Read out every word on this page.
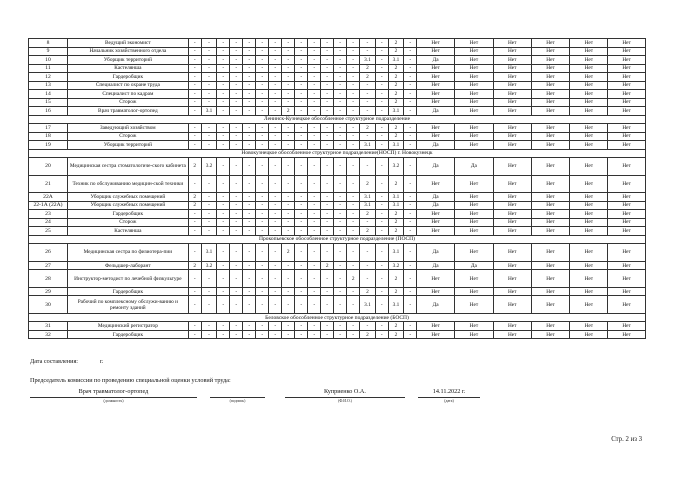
8	Ведущий экономист	-	-	-	-	-	-	-	-	-	-	-	-	-	-	-	2	-	Нет	Нет	Нет	Нет	Нет	Нет
9	Начальник хозяйственного отдела	-	-	-	-	-	-	-	-	-	-	-	-	-	-	-	2	-	Нет	Нет	Нет	Нет	Нет	Нет
10	Уборщик территорий	-	-	-	-	-	-	-	-	-	-	-	-	-	3.1	-	3.1	-	Да	Нет	Нет	Нет	Нет	Нет
11	Кастелянша	-	-	-	-	-	-	-	-	-	-	-	-	-	2	-	2	-	Нет	Нет	Нет	Нет	Нет	Нет
12	Гардеробщик	-	-	-	-	-	-	-	-	-	-	-	-	-	2	-	2	-	Нет	Нет	Нет	Нет	Нет	Нет
13	Специалист по охране труда	-	-	-	-	-	-	-	-	-	-	-	-	-	-	-	2	-	Нет	Нет	Нет	Нет	Нет	Нет
14	Специалист по кадрам	-	-	-	-	-	-	-	-	-	-	-	-	-	-	-	2	-	Нет	Нет	Нет	Нет	Нет	Нет
15	Сторож	-	-	-	-	-	-	-	-	-	-	-	-	-	-	-	2	-	Нет	Нет	Нет	Нет	Нет	Нет
16	Врач травматолог-ортопед	-	3.1	-	-	-	-	-	2	-	-	-	-	-	-	-	3.1	-	Да	Нет	Нет	Нет	Нет	Нет
Ленинск-Кузнецкое обособленное структурное подразделение																								
17	Заведующий хозяйством	-	-	-	-	-	-	-	-	-	-	-	-	-	2	-	2	-	Нет	Нет	Нет	Нет	Нет	Нет
18	Сторож	-	-	-	-	-	-	-	-	-	-	-	-	-	-	-	2	-	Нет	Нет	Нет	Нет	Нет	Нет
19	Уборщик территорий	-	-	-	-	-	-	-	-	-	-	-	-	-	3.1	-	3.1	-	Да	Нет	Нет	Нет	Нет	Нет
Новокузнецкое обособленное структурное подразделение(НОСП) г. Новокузнецк																								
20	Медицинская сестра стоматологиче-ского кабинета	2	3.2	-	-	-	-	-	-	-	-	-	-	-	-	-	3.2	-	Да	Да	Нет	Нет	Нет	Нет
21	Техник по обслуживанию медицин-ской техники	-	-	-	-	-	-	-	-	-	-	-	-	-	2	-	2	-	Нет	Нет	Нет	Нет	Нет	Нет
22А	Уборщик служебных помещений	2	-	-	-	-	-	-	-	-	-	-	-	-	3.1	-	3.1	-	Да	Нет	Нет	Нет	Нет	Нет
22-1А (22А)	Уборщик служебных помещений	2	-	-	-	-	-	-	-	-	-	-	-	-	3.1	-	3.1	-	Да	Нет	Нет	Нет	Нет	Нет
23	Гардеробщик	-	-	-	-	-	-	-	-	-	-	-	-	-	2	-	2	-	Нет	Нет	Нет	Нет	Нет	Нет
24	Сторож	-	-	-	-	-	-	-	-	-	-	-	-	-	-	-	2	-	Нет	Нет	Нет	Нет	Нет	Нет
25	Кастелянша	-	-	-	-	-	-	-	-	-	-	-	-	-	2	-	2	-	Нет	Нет	Нет	Нет	Нет	Нет
Прокопьевское обособленное структурное подразделение (ПОСП)																								
26	Медицинская сестра по физиотера-пии	-	3.1	-	-	-	-	-	2	-	-	-	-	-	-	-	3.1	-	Да	Нет	Нет	Нет	Нет	Нет
27	Фельдшер-лаборант	2	3.2	-	-	-	-	-	-	-	-	2	-	-	-	-	3.2	-	Да	Да	Нет	Нет	Нет	Нет
28	Инструктор-методист по лечебной физкультуре	-	-	-	-	-	-	-	-	-	-	-	-	2	-	-	2	-	Нет	Нет	Нет	Нет	Нет	Нет
29	Гардеробщик	-	-	-	-	-	-	-	-	-	-	-	-	-	2	-	2	-	Нет	Нет	Нет	Нет	Нет	Нет
30	Рабочий по комплексному обслужи-ванию и ремонту зданий	-	-	-	-	-	-	-	-	-	-	-	-	-	3.1	-	3.1	-	Да	Нет	Нет	Нет	Нет	Нет
Беловское обособленное структурное подразделение (БОСП)																								
31	Медицинский регистратор	-	-	-	-	-	-	-	-	-	-	-	-	-	-	-	2	-	Нет	Нет	Нет	Нет	Нет	Нет
32	Гардеробщик	-	-	-	-	-	-	-	-	-	-	-	-	-	2	-	2	-	Нет	Нет	Нет	Нет	Нет	Нет
Дата составления:	г.
Председатель комиссии по проведению специальной оценки условий труда:
Врач травматолог-ортопед	Куприенко О.А.	14.11.2022 г.
(должность)	(подпись)	(Ф.И.О.)	(дата)
Стр. 2 из 3
